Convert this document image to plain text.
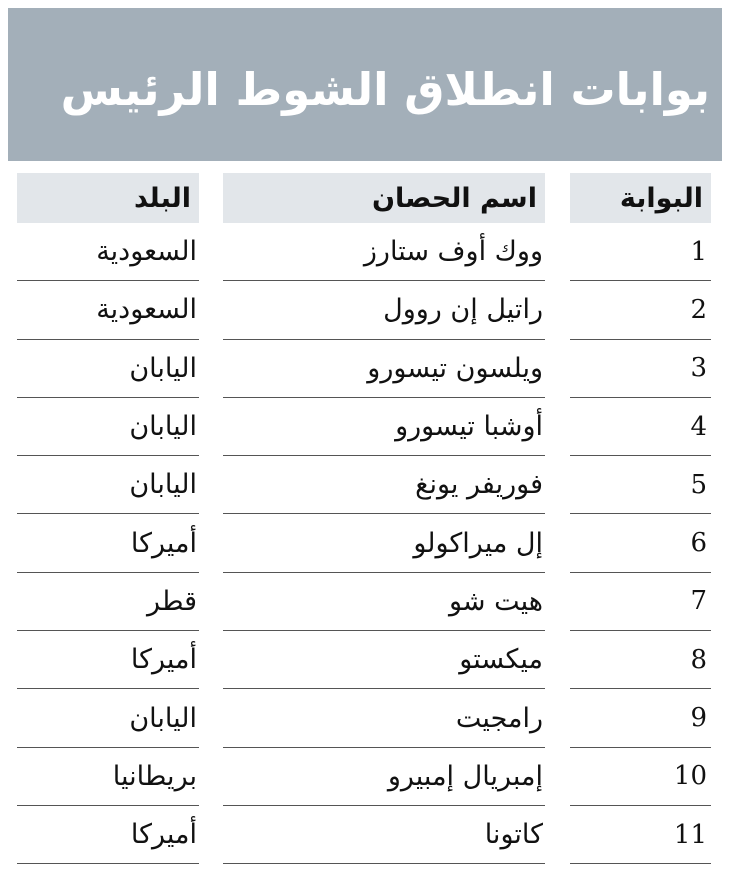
بوابات انطلاق الشوط الرئيس
البوابة
1
2
3
4
5
6
7
8
9
10
11
اسم الحصان
ووك أوف ستارز
راتيل إن روول
ويلسون تيسورو
أوشبا تيسورو
فوريفر يونغ
إل ميراكولو
هيت شو
ميكستو
رامجيت
إمبريال إمبيرو
كاتونا
البلد
السعودية
السعودية
اليابان
اليابان
اليابان
أميركا
قطر
أميركا
اليابان
بريطانيا
أميركا
